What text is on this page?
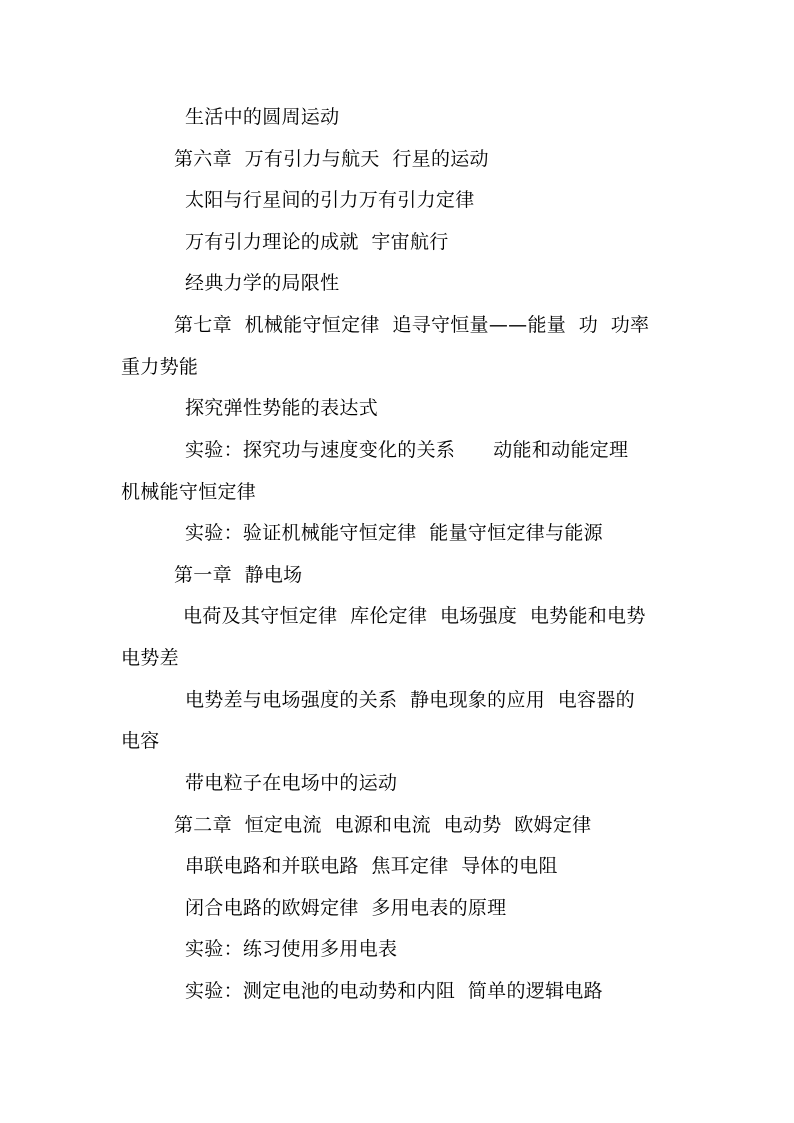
生活中的圆周运动
第六章  万有引力与航天  行星的运动
太阳与行星间的引力万有引力定律
万有引力理论的成就  宇宙航行
经典力学的局限性
第七章  机械能守恒定律  追寻守恒量——能量  功  功率
重力势能
探究弹性势能的表达式
实验：探究功与速度变化的关系      动能和动能定理
机械能守恒定律
实验：验证机械能守恒定律  能量守恒定律与能源
第一章  静电场
电荷及其守恒定律  库伦定律  电场强度  电势能和电势
电势差
电势差与电场强度的关系  静电现象的应用  电容器的
电容
带电粒子在电场中的运动
第二章  恒定电流  电源和电流  电动势  欧姆定律
串联电路和并联电路  焦耳定律  导体的电阻
闭合电路的欧姆定律  多用电表的原理
实验：练习使用多用电表
实验：测定电池的电动势和内阻  简单的逻辑电路
